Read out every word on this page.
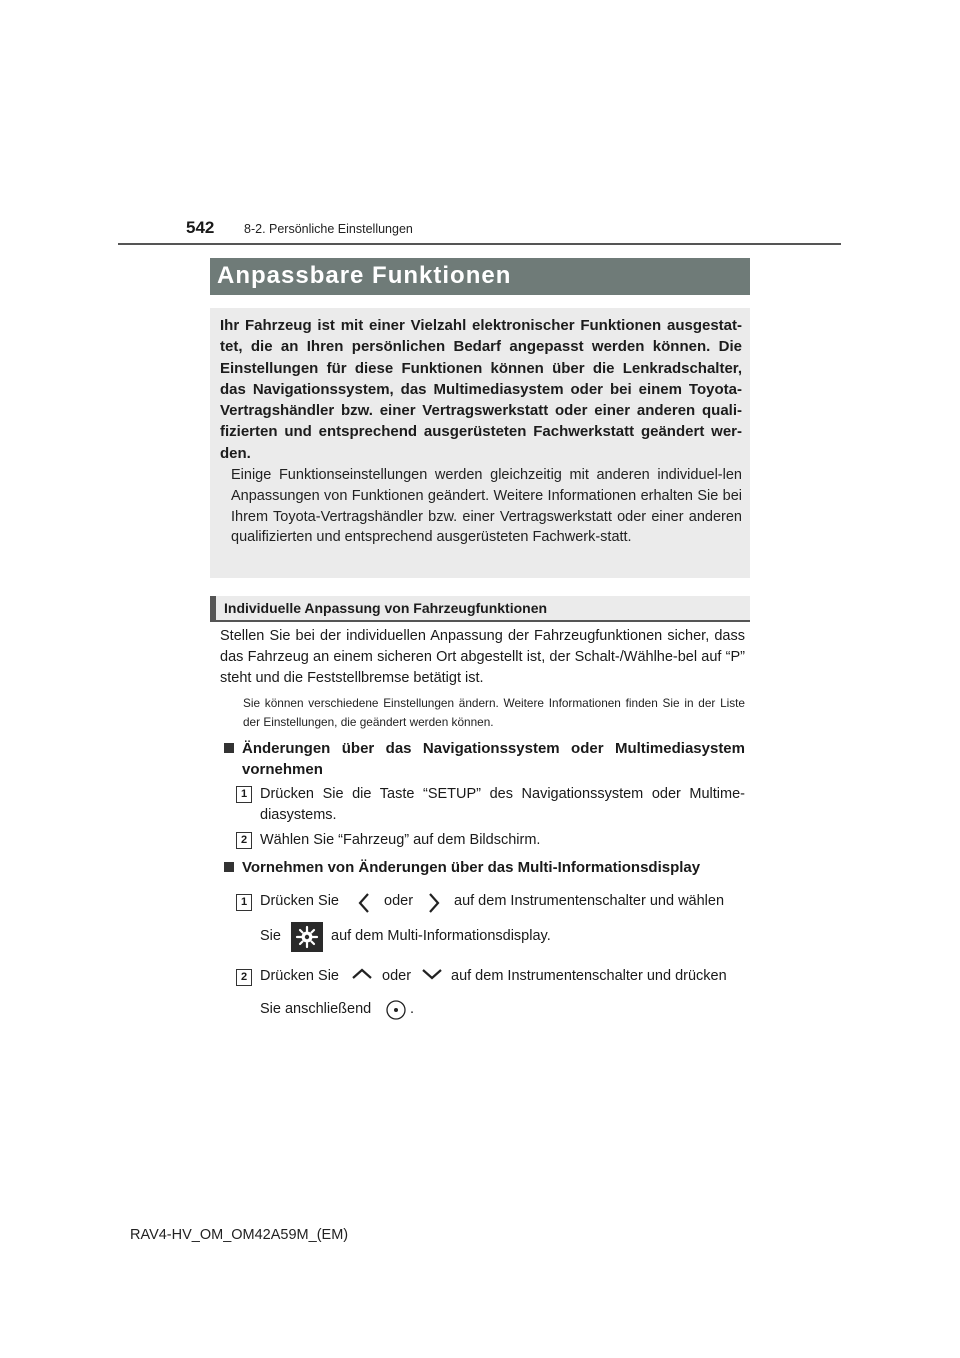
542 8-2. Persönliche Einstellungen
Anpassbare Funktionen
Ihr Fahrzeug ist mit einer Vielzahl elektronischer Funktionen ausgestat-tet, die an Ihren persönlichen Bedarf angepasst werden können. Die Einstellungen für diese Funktionen können über die Lenkradschalter, das Navigationssystem, das Multimediasystem oder bei einem Toyota-Vertragshändler bzw. einer Vertragswerkstatt oder einer anderen quali-fizierten und entsprechend ausgerüsteten Fachwerkstatt geändert wer-den.
Einige Funktionseinstellungen werden gleichzeitig mit anderen individuel-len Anpassungen von Funktionen geändert. Weitere Informationen erhalten Sie bei Ihrem Toyota-Vertragshändler bzw. einer Vertragswerkstatt oder einer anderen qualifizierten und entsprechend ausgerüsteten Fachwerk-statt.
Individuelle Anpassung von Fahrzeugfunktionen
Stellen Sie bei der individuellen Anpassung der Fahrzeugfunktionen sicher, dass das Fahrzeug an einem sicheren Ort abgestellt ist, der Schalt-/Wählhe-bel auf “P” steht und die Feststellbremse betätigt ist.
Sie können verschiedene Einstellungen ändern. Weitere Informationen finden Sie in der Liste der Einstellungen, die geändert werden können.
Änderungen über das Navigationssystem oder Multimediasystem vornehmen
1 Drücken Sie die Taste “SETUP” des Navigationssystem oder Multime-diasystems.
2 Wählen Sie “Fahrzeug” auf dem Bildschirm.
Vornehmen von Änderungen über das Multi-Informationsdisplay
1 Drücken Sie	oder	auf dem Instrumentenschalter und wählen
Sie	auf dem Multi-Informationsdisplay.
2 Drücken Sie	oder	auf dem Instrumentenschalter und drücken
Sie anschließend	.
RAV4-HV_OM_OM42A59M_(EM)
